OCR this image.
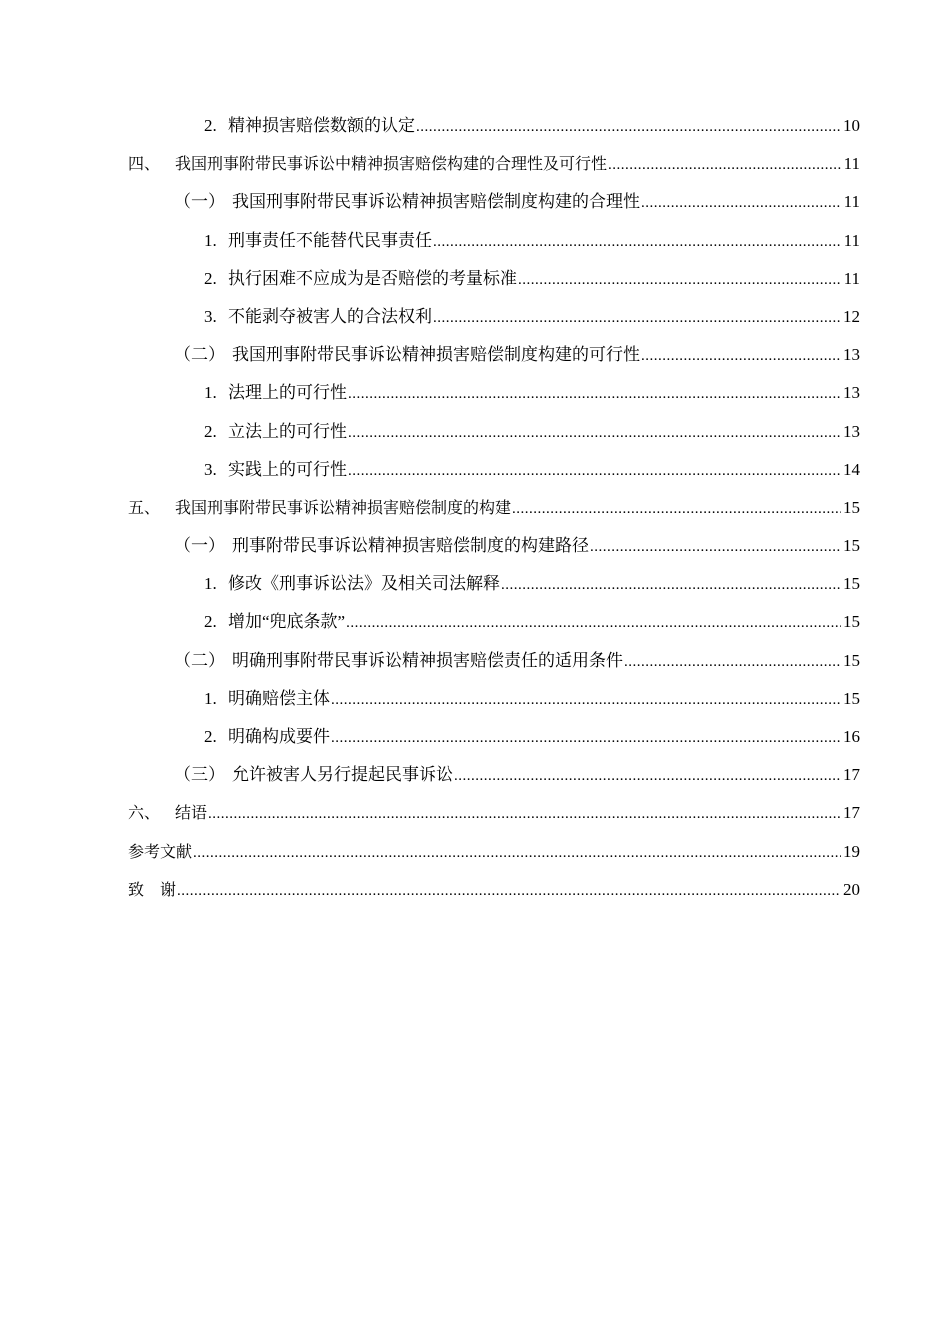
2. 精神损害赔偿数额的认定 .....	10
四、 我国刑事附带民事诉讼中精神损害赔偿构建的合理性及可行性 .....	11
（一） 我国刑事附带民事诉讼精神损害赔偿制度构建的合理性 .....	11
1. 刑事责任不能替代民事责任 .....	11
2. 执行困难不应成为是否赔偿的考量标准 .....	11
3. 不能剥夺被害人的合法权利 .....	12
（二） 我国刑事附带民事诉讼精神损害赔偿制度构建的可行性 .....	13
1. 法理上的可行性 .....	13
2. 立法上的可行性 .....	13
3. 实践上的可行性 .....	14
五、 我国刑事附带民事诉讼精神损害赔偿制度的构建 .....	15
（一） 刑事附带民事诉讼精神损害赔偿制度的构建路径 .....	15
1. 修改《刑事诉讼法》及相关司法解释 .....	15
2. 增加“兜底条款” .....	15
（二） 明确刑事附带民事诉讼精神损害赔偿责任的适用条件 .....	15
1. 明确赔偿主体 .....	15
2. 明确构成要件 .....	16
（三） 允许被害人另行提起民事诉讼 .....	17
六、 结语 .....	17
参考文献 .....	19
致　谢 .....	20
